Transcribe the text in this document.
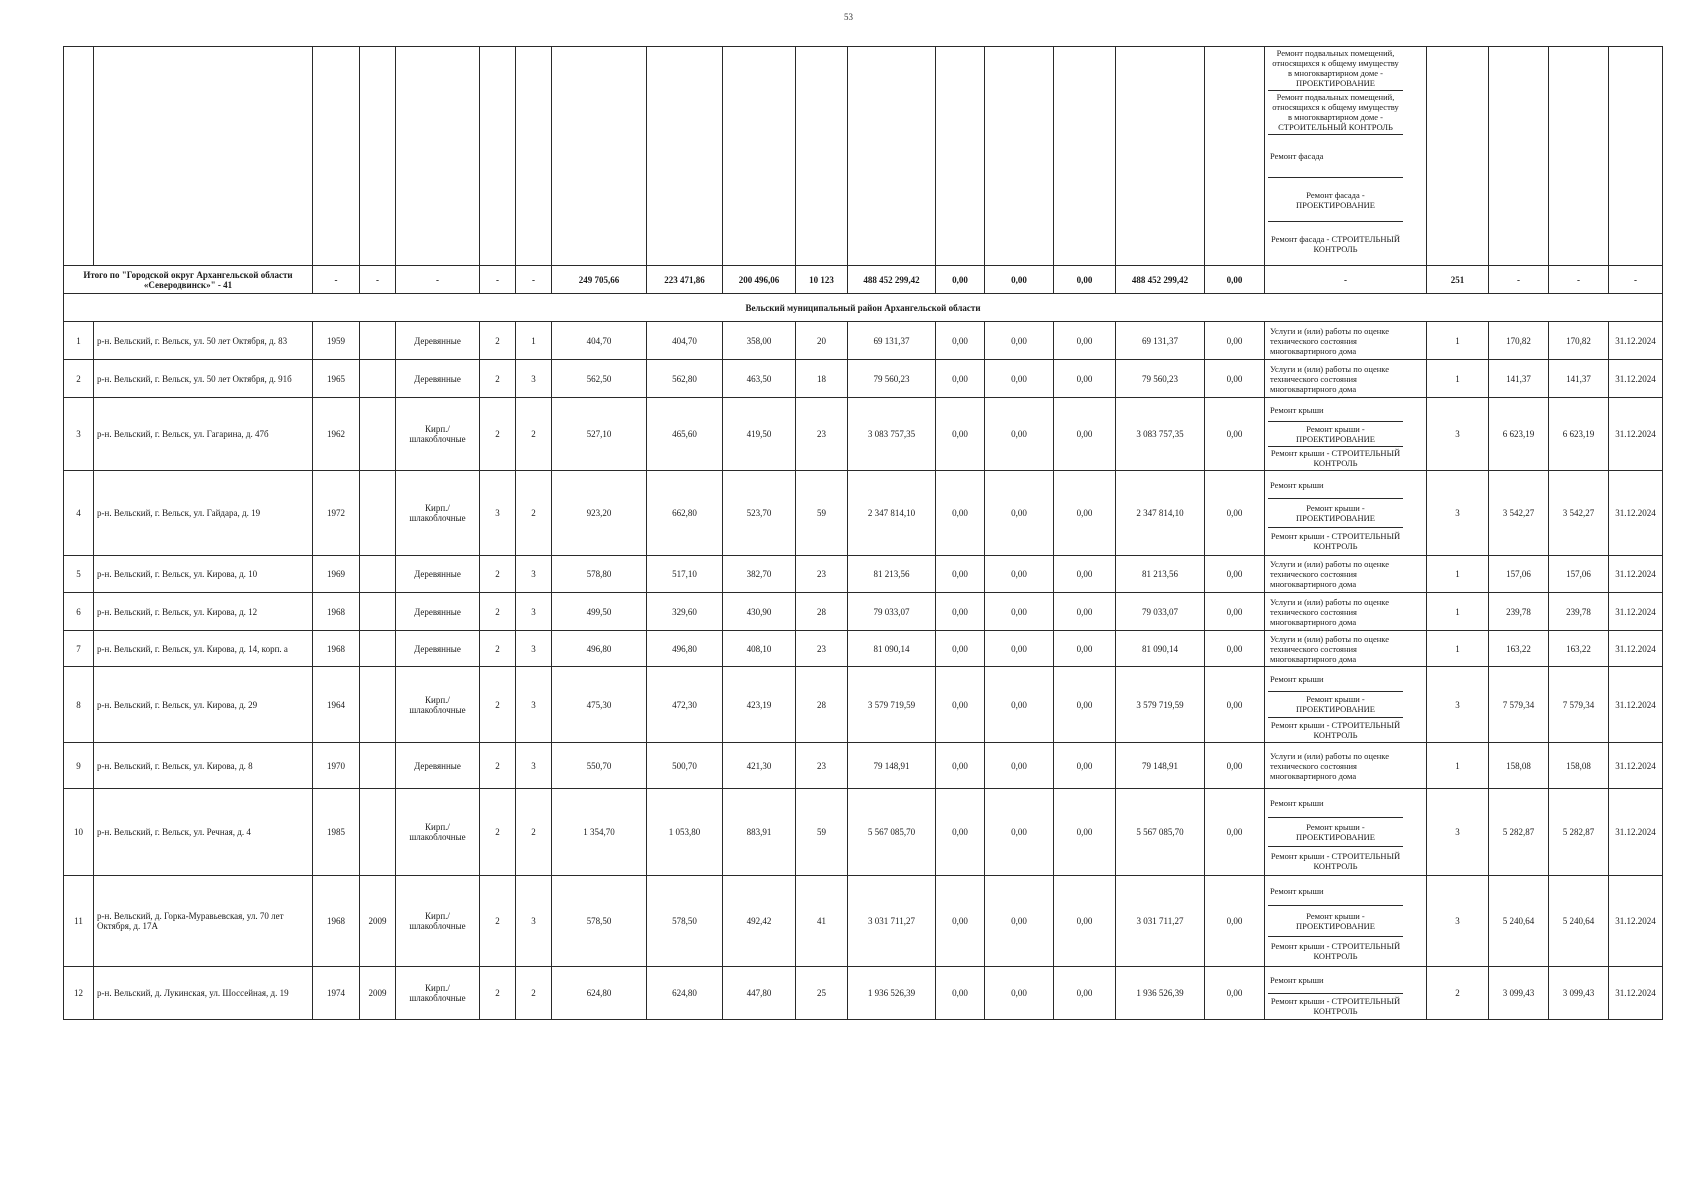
53

Ремонт подвальных помещений, относящихся к общему имуществу в многоквартирном доме - ПРОЕКТИРОВАНИЕ
Ремонт подвальных помещений, относящихся к общему имуществу в многоквартирном доме - СТРОИТЕЛЬНЫЙ КОНТРОЛЬ
Ремонт фасада
Ремонт фасада - ПРОЕКТИРОВАНИЕ
Ремонт фасада - СТРОИТЕЛЬНЫЙ КОНТРОЛЬ				

Итого по "Городской округ Архангельской области «Северодвинск»" - 41		-	-	-	-	-	249 705,66	223 471,86	200 496,06	10 123	488 452 299,42	0,00	0,00	0,00	488 452 299,42	0,00	-	251	-	-	-
Вельский муниципальный район Архангельской области																					
1	р-н. Вельский, г. Вельск, ул. 50 лет Октября, д. 83	1959		Деревянные	2	1	404,70	404,70	358,00	20	69 131,37	0,00	0,00	0,00	69 131,37	0,00	Услуги и (или) работы по оценке технического состояния многоквартирного дома	1	170,82	170,82	31.12.2024
2	р-н. Вельский, г. Вельск, ул. 50 лет Октября, д. 91б	1965		Деревянные	2	3	562,50	562,80	463,50	18	79 560,23	0,00	0,00	0,00	79 560,23	0,00	Услуги и (или) работы по оценке технического состояния многоквартирного дома	1	141,37	141,37	31.12.2024
3	р-н. Вельский, г. Вельск, ул. Гагарина, д. 47б	1962		Кирп./ шлакоблочные	2	2	527,10	465,60	419,50	23	3 083 757,35	0,00	0,00	0,00	3 083 757,35	0,00	Ремонт крыши
Ремонт крыши - ПРОЕКТИРОВАНИЕ
Ремонт крыши - СТРОИТЕЛЬНЫЙ КОНТРОЛЬ	3	6 623,19	6 623,19	31.12.2024
4	р-н. Вельский, г. Вельск, ул. Гайдара, д. 19	1972		Кирп./ шлакоблочные	3	2	923,20	662,80	523,70	59	2 347 814,10	0,00	0,00	0,00	2 347 814,10	0,00	Ремонт крыши
Ремонт крыши - ПРОЕКТИРОВАНИЕ
Ремонт крыши - СТРОИТЕЛЬНЫЙ КОНТРОЛЬ	3	3 542,27	3 542,27	31.12.2024
5	р-н. Вельский, г. Вельск, ул. Кирова, д. 10	1969		Деревянные	2	3	578,80	517,10	382,70	23	81 213,56	0,00	0,00	0,00	81 213,56	0,00	Услуги и (или) работы по оценке технического состояния многоквартирного дома	1	157,06	157,06	31.12.2024
6	р-н. Вельский, г. Вельск, ул. Кирова, д. 12	1968		Деревянные	2	3	499,50	329,60	430,90	28	79 033,07	0,00	0,00	0,00	79 033,07	0,00	Услуги и (или) работы по оценке технического состояния многоквартирного дома	1	239,78	239,78	31.12.2024
7	р-н. Вельский, г. Вельск, ул. Кирова, д. 14, корп. а	1968		Деревянные	2	3	496,80	496,80	408,10	23	81 090,14	0,00	0,00	0,00	81 090,14	0,00	Услуги и (или) работы по оценке технического состояния многоквартирного дома	1	163,22	163,22	31.12.2024
8	р-н. Вельский, г. Вельск, ул. Кирова, д. 29	1964		Кирп./ шлакоблочные	2	3	475,30	472,30	423,19	28	3 579 719,59	0,00	0,00	0,00	3 579 719,59	0,00	Ремонт крыши
Ремонт крыши - ПРОЕКТИРОВАНИЕ
Ремонт крыши - СТРОИТЕЛЬНЫЙ КОНТРОЛЬ	3	7 579,34	7 579,34	31.12.2024
9	р-н. Вельский, г. Вельск, ул. Кирова, д. 8	1970		Деревянные	2	3	550,70	500,70	421,30	23	79 148,91	0,00	0,00	0,00	79 148,91	0,00	Услуги и (или) работы по оценке технического состояния многоквартирного дома	1	158,08	158,08	31.12.2024
10	р-н. Вельский, г. Вельск, ул. Речная, д. 4	1985		Кирп./ шлакоблочные	2	2	1 354,70	1 053,80	883,91	59	5 567 085,70	0,00	0,00	0,00	5 567 085,70	0,00	Ремонт крыши
Ремонт крыши - ПРОЕКТИРОВАНИЕ
Ремонт крыши - СТРОИТЕЛЬНЫЙ КОНТРОЛЬ	3	5 282,87	5 282,87	31.12.2024
11	р-н. Вельский, д. Горка-Муравьевская, ул. 70 лет Октября, д. 17А	1968	2009	Кирп./ шлакоблочные	2	3	578,50	578,50	492,42	41	3 031 711,27	0,00	0,00	0,00	3 031 711,27	0,00	Ремонт крыши
Ремонт крыши - ПРОЕКТИРОВАНИЕ
Ремонт крыши - СТРОИТЕЛЬНЫЙ КОНТРОЛЬ	3	5 240,64	5 240,64	31.12.2024
12	р-н. Вельский, д. Лукинская, ул. Шоссейная, д. 19	1974	2009	Кирп./ шлакоблочные	2	2	624,80	624,80	447,80	25	1 936 526,39	0,00	0,00	0,00	1 936 526,39	0,00	Ремонт крыши
Ремонт крыши - СТРОИТЕЛЬНЫЙ КОНТРОЛЬ	2	3 099,43	3 099,43	31.12.2024
